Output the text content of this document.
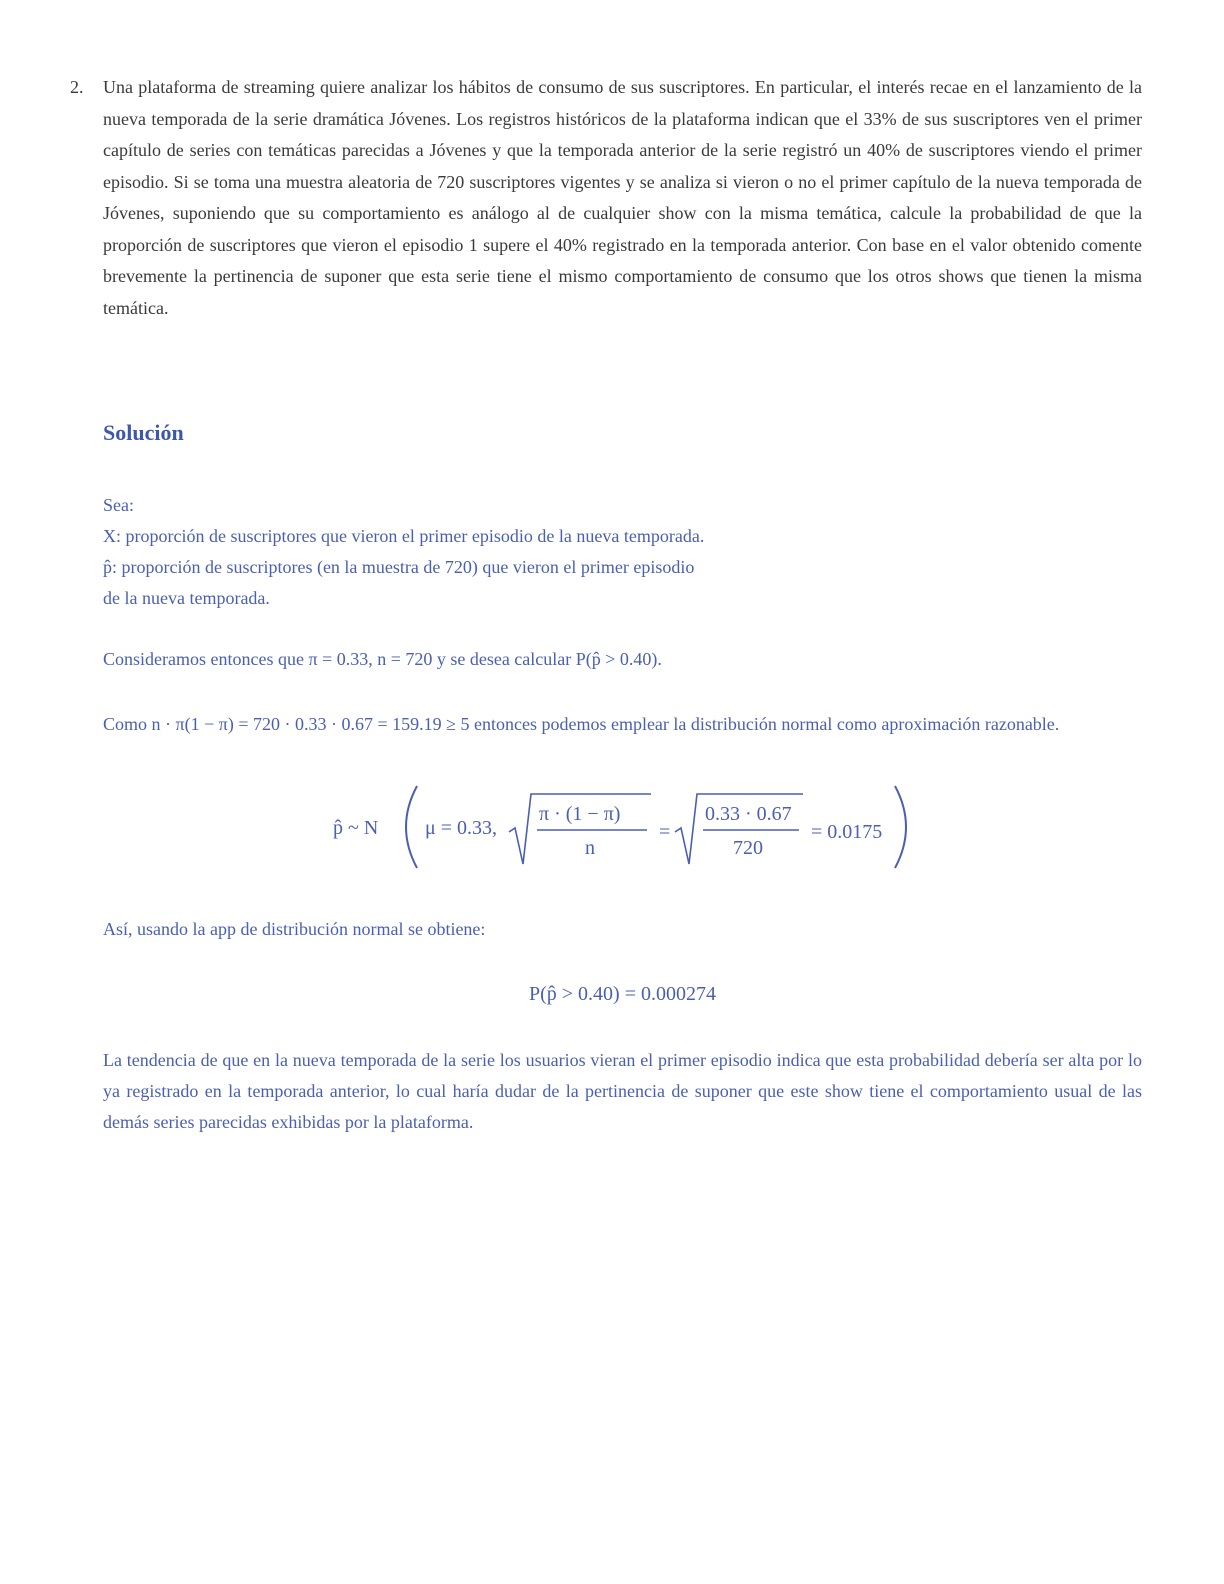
2. Una plataforma de streaming quiere analizar los hábitos de consumo de sus suscriptores. En particular, el interés recae en el lanzamiento de la nueva temporada de la serie dramática Jóvenes. Los registros históricos de la plataforma indican que el 33% de sus suscriptores ven el primer capítulo de series con temáticas parecidas a Jóvenes y que la temporada anterior de la serie registró un 40% de suscriptores viendo el primer episodio. Si se toma una muestra aleatoria de 720 suscriptores vigentes y se analiza si vieron o no el primer capítulo de la nueva temporada de Jóvenes, suponiendo que su comportamiento es análogo al de cualquier show con la misma temática, calcule la probabilidad de que la proporción de suscriptores que vieron el episodio 1 supere el 40% registrado en la temporada anterior. Con base en el valor obtenido comente brevemente la pertinencia de suponer que esta serie tiene el mismo comportamiento de consumo que los otros shows que tienen la misma temática.

Solución

Sea:

X: proporción de suscriptores que vieron el primer episodio de la nueva temporada.

p̂: proporción de suscriptores (en la muestra de 720) que vieron el primer episodio

de la nueva temporada.

Consideramos entonces que π = 0.33, n = 720 y se desea calcular P(p̂ > 0.40).

Como n · π(1 − π) = 720 · 0.33 · 0.67 = 159.19 ≥ 5 entonces podemos emplear la distribución normal como aproximación razonable.

p̂ ~ N μ = 0.33,
π · (1 − π)
n
=
0.33 · 0.67
720
= 0.0175

Así, usando la app de distribución normal se obtiene:

P(p̂ > 0.40) = 0.000274

La tendencia de que en la nueva temporada de la serie los usuarios vieran el primer episodio indica que esta probabilidad debería ser alta por lo ya registrado en la temporada anterior, lo cual haría dudar de la pertinencia de suponer que este show tiene el comportamiento usual de las demás series parecidas exhibidas por la plataforma.
